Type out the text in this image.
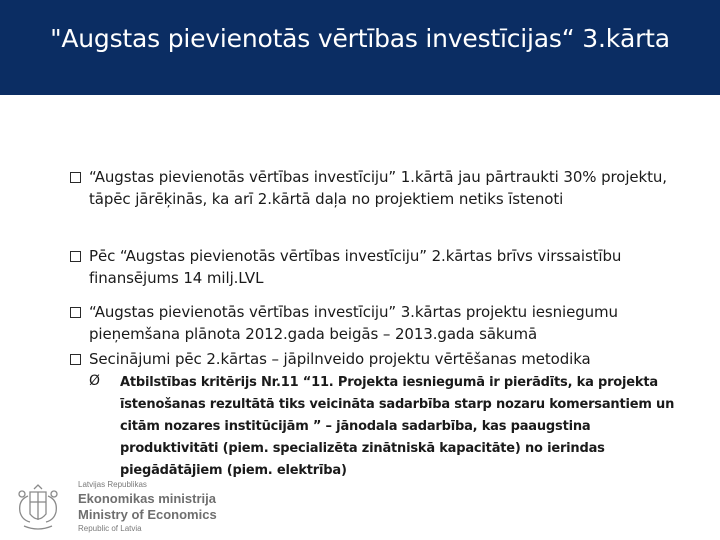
"Augstas pievienotās vērtības investīcijas“ 3.kārta
“Augstas pievienotās vērtības investīciju” 1.kārtā jau pārtraukti 30% projektu, tāpēc jārēķinās, ka arī 2.kārtā daļa no projektiem netiks īstenoti
Pēc “Augstas pievienotās vērtības investīciju” 2.kārtas brīvs virssaistību finansējums 14 milj.LVL
“Augstas pievienotās vērtības investīciju” 3.kārtas projektu iesniegumu pieņemšana plānota 2012.gada beigās – 2013.gada sākumā
Secinājumi pēc 2.kārtas – jāpilnveido projektu vērtēšanas metodika
Ø Atbilstības kritērijs Nr.11 “11. Projekta iesniegumā ir pierādīts, ka projekta īstenošanas rezultātā tiks veicināta sadarbība starp nozaru komersantiem un citām nozares institūcijām ” – jānodala sadarbība, kas paaugstina produktivitāti (piem. specializēta zinātniskā kapacitāte) no ierindas piegādātājiem (piem. elektrība)
Latvijas Republikas
Ekonomikas ministrija
Ministry of Economics
Republic of Latvia
